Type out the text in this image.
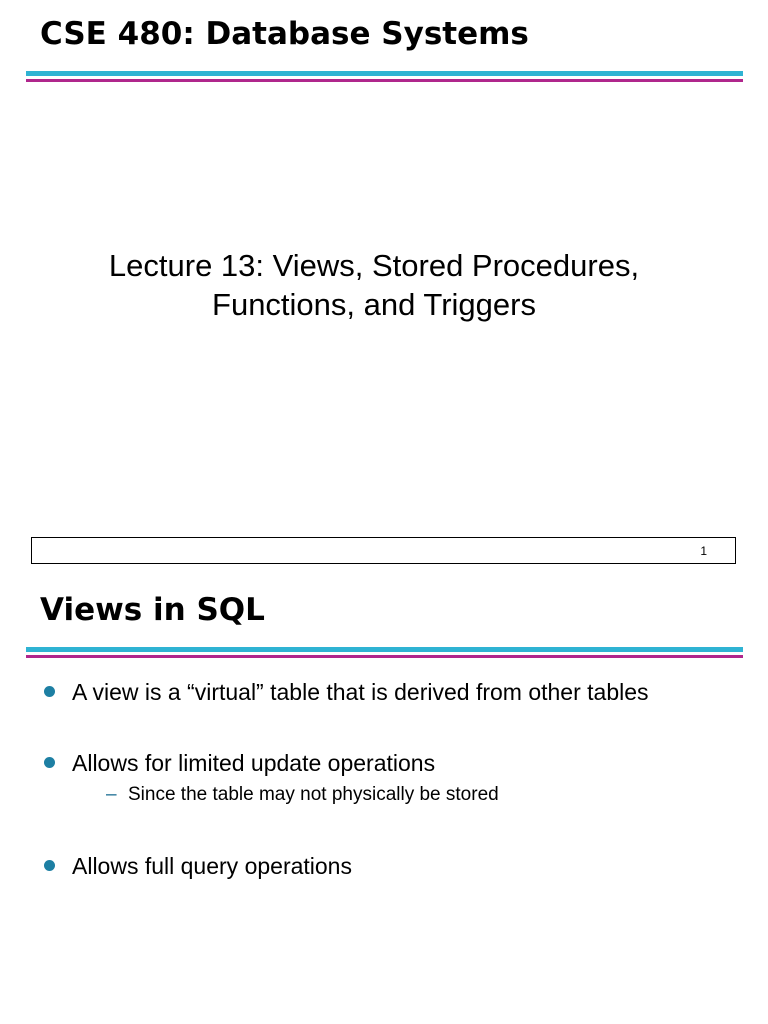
CSE 480: Database Systems
Lecture 13: Views, Stored Procedures,
Functions, and Triggers
1
Views in SQL
A view is a “virtual” table that is derived from other tables
Allows for limited update operations
– Since the table may not physically be stored
Allows full query operations
